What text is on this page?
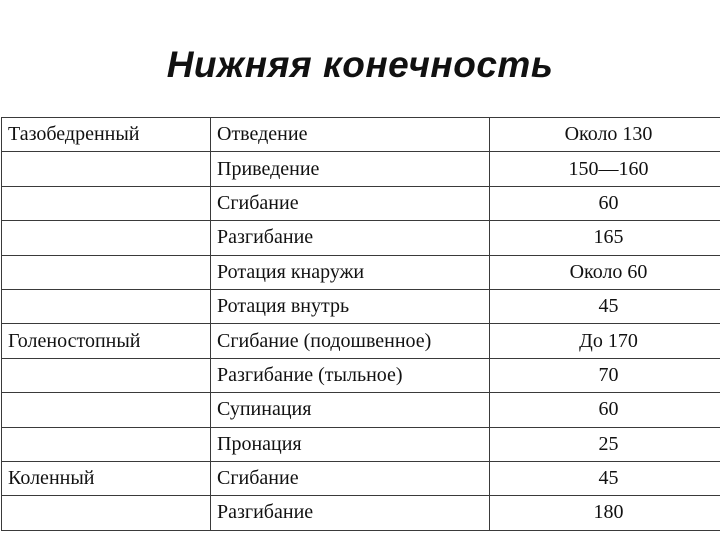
Нижняя конечность
Тазобедренный	Отведение	Около 130
	Приведение	150—160
	Сгибание	60
	Разгибание	165
	Ротация кнаружи	Около 60
	Ротация внутрь	45
Голеностопный	Сгибание (подошвенное)	До 170
	Разгибание (тыльное)	70
	Супинация	60
	Пронация	25
Коленный	Сгибание	45
	Разгибание	180
